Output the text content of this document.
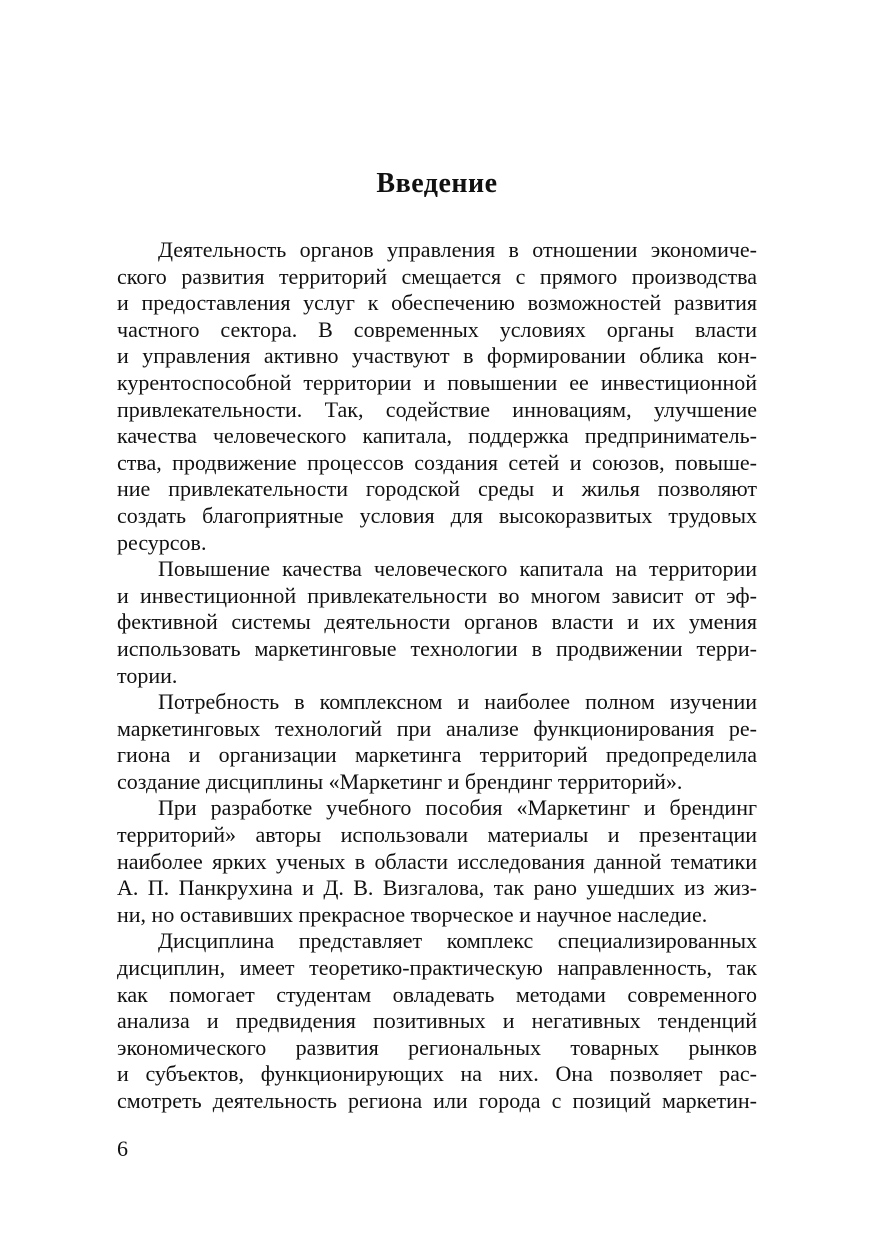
Введение
Деятельность органов управления в отношении экономиче-
ского развития территорий смещается с прямого производства
и предоставления услуг к обеспечению возможностей развития
частного сектора. В современных условиях органы власти
и управления активно участвуют в формировании облика кон-
курентоспособной территории и повышении ее инвестиционной
привлекательности. Так, содействие инновациям, улучшение
качества человеческого капитала, поддержка предприниматель-
ства, продвижение процессов создания сетей и союзов, повыше-
ние привлекательности городской среды и жилья позволяют
создать благоприятные условия для высокоразвитых трудовых
ресурсов.
Повышение качества человеческого капитала на территории
и инвестиционной привлекательности во многом зависит от эф-
фективной системы деятельности органов власти и их умения
использовать маркетинговые технологии в продвижении терри-
тории.
Потребность в комплексном и наиболее полном изучении
маркетинговых технологий при анализе функционирования ре-
гиона и организации маркетинга территорий предопределила
создание дисциплины «Маркетинг и брендинг территорий».
При разработке учебного пособия «Маркетинг и брендинг
территорий» авторы использовали материалы и презентации
наиболее ярких ученых в области исследования данной тематики
А. П. Панкрухина и Д. В. Визгалова, так рано ушедших из жиз-
ни, но оставивших прекрасное творческое и научное наследие.
Дисциплина представляет комплекс специализированных
дисциплин, имеет теоретико-практическую направленность, так
как помогает студентам овладевать методами современного
анализа и предвидения позитивных и негативных тенденций
экономического развития региональных товарных рынков
и субъектов, функционирующих на них. Она позволяет рас-
смотреть деятельность региона или города с позиций маркетин-
6
